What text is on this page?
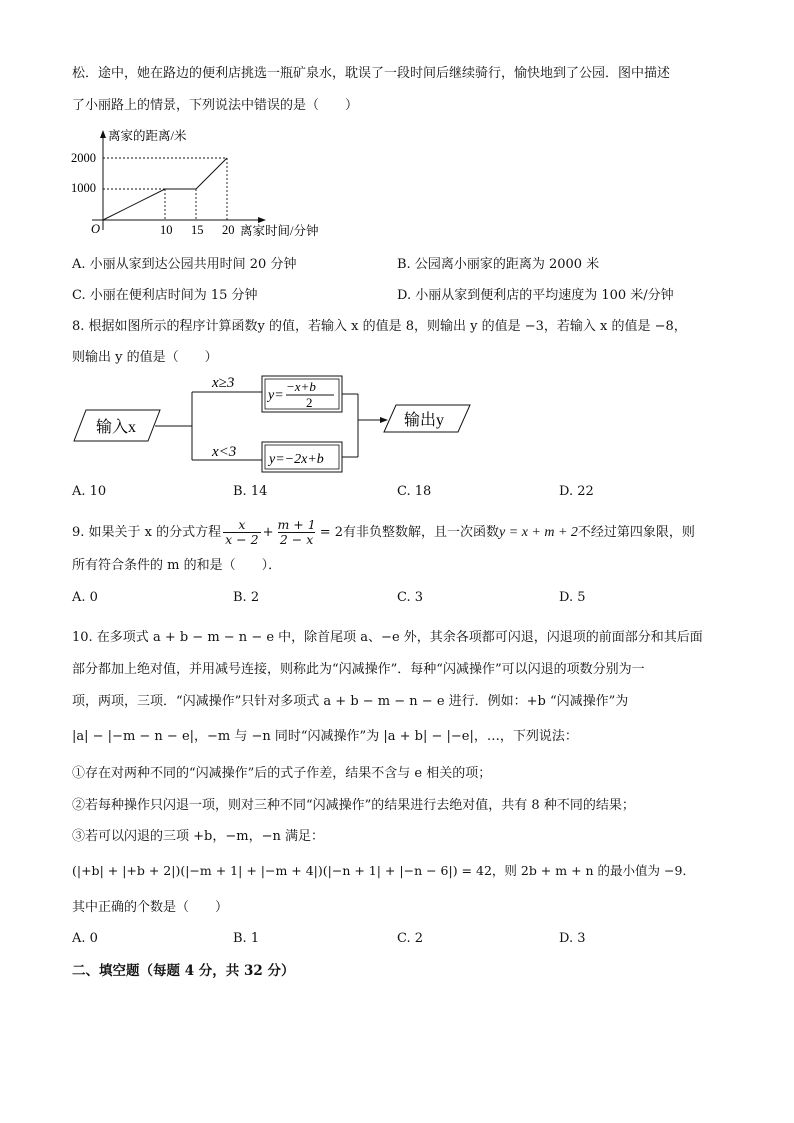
松．途中，她在路边的便利店挑选一瓶矿泉水，耽误了一段时间后继续骑行，愉快地到了公园．图中描述
了小丽路上的情景，下列说法中错误的是（　　）
离家的距离/米
离家时间/分钟
O
2000
1000
10 15 20
A. 小丽从家到达公园共用时间 20 分钟	B. 公园离小丽家的距离为 2000 米
C. 小丽在便利店时间为 15 分钟	D. 小丽从家到便利店的平均速度为 100 米/分钟
8. 根据如图所示的程序计算函数y 的值，若输入 x 的值是 8，则输出 y 的值是 −3，若输入 x 的值是 −8，
则输出 y 的值是（　　）
输入x
x≥3
x<3
y=
−x+b
2
y=−2x+b
输出y
A. 10	B. 14	C. 18	D. 22
9. 如果关于 x 的分式方程 $\frac{x}{x - 2} + \frac{m + 1}{2 - x} = 2$ 有非负整数解，且一次函数 y = x + m + 2 不经过第四象限，则
所有符合条件的 m 的和是（　　）．
A. 0	B. 2	C. 3	D. 5
10. 在多项式 a + b − m − n − e 中，除首尾项 a、−e 外，其余各项都可闪退，闪退项的前面部分和其后面
部分都加上绝对值，并用减号连接，则称此为“闪减操作”．每种“闪减操作”可以闪退的项数分别为一
项，两项，三项．“闪减操作”只针对多项式 a + b − m − n − e 进行．例如：+b “闪减操作”为
|a| − |−m − n − e|，−m 与 −n 同时“闪减操作”为 |a + b| − |−e|，…，下列说法：
①存在对两种不同的“闪减操作”后的式子作差，结果不含与 e 相关的项；
②若每种操作只闪退一项，则对三种不同“闪减操作”的结果进行去绝对值，共有 8 种不同的结果；
③若可以闪退的三项 +b，−m，−n 满足：
(|+b| + |+b + 2|)(|−m + 1| + |−m + 4|)(|−n + 1| + |−n − 6|) = 42，则 2b + m + n 的最小值为 −9．
其中正确的个数是（　　）
A. 0	B. 1	C. 2	D. 3
二、填空题（每题 4 分，共 32 分）
